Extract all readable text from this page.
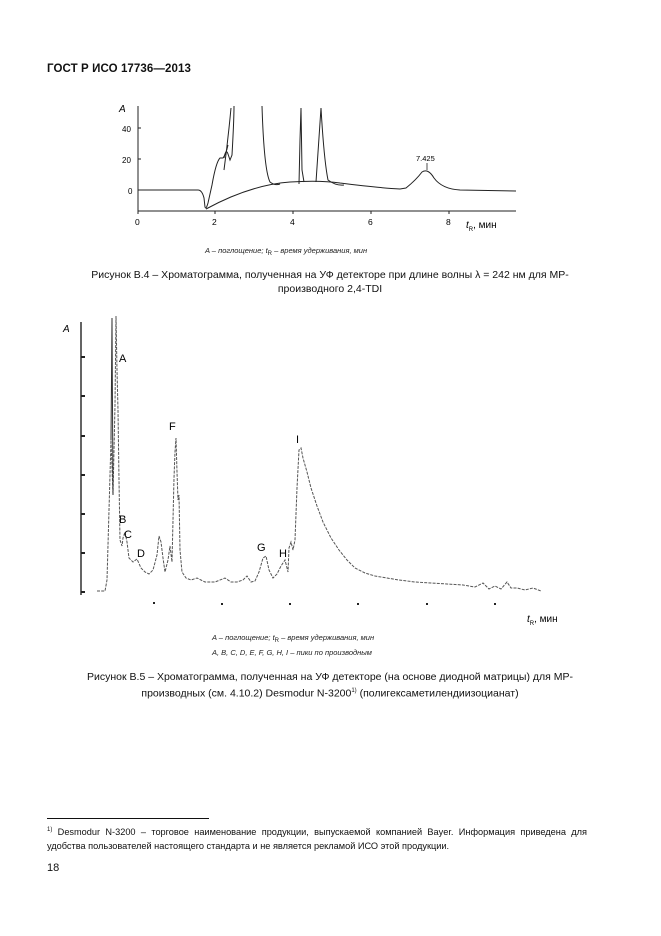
ГОСТ Р ИСО 17736—2013
A
40
20
0
0	2	4	6	8
7.425
$t_R$, мин
A – поглощение; $t_R$ – время удерживания, мин
Рисунок В.4 – Хроматограмма, полученная на УФ детекторе при длине волны λ = 242 нм для МР-
производного 2,4-TDI
A
A
B
C
D
F
G H
I
$t_R$, мин
A – поглощение; $t_R$ – время удерживания, мин
A, B, C, D, E, F, G, H, I – пики по производным
Рисунок В.5 – Хроматограмма, полученная на УФ детекторе (на основе диодной матрицы) для МР-
производных (см. 4.10.2) Desmodur N-3200$^{1)}$ (полигексаметилендиизоцианат)
$^{1)}$ Desmodur N-3200 – торговое наименование продукции, выпускаемой компанией Bayer. Информация приведена для удобства пользователей настоящего стандарта и не является рекламой ИСО этой продукции.
18
